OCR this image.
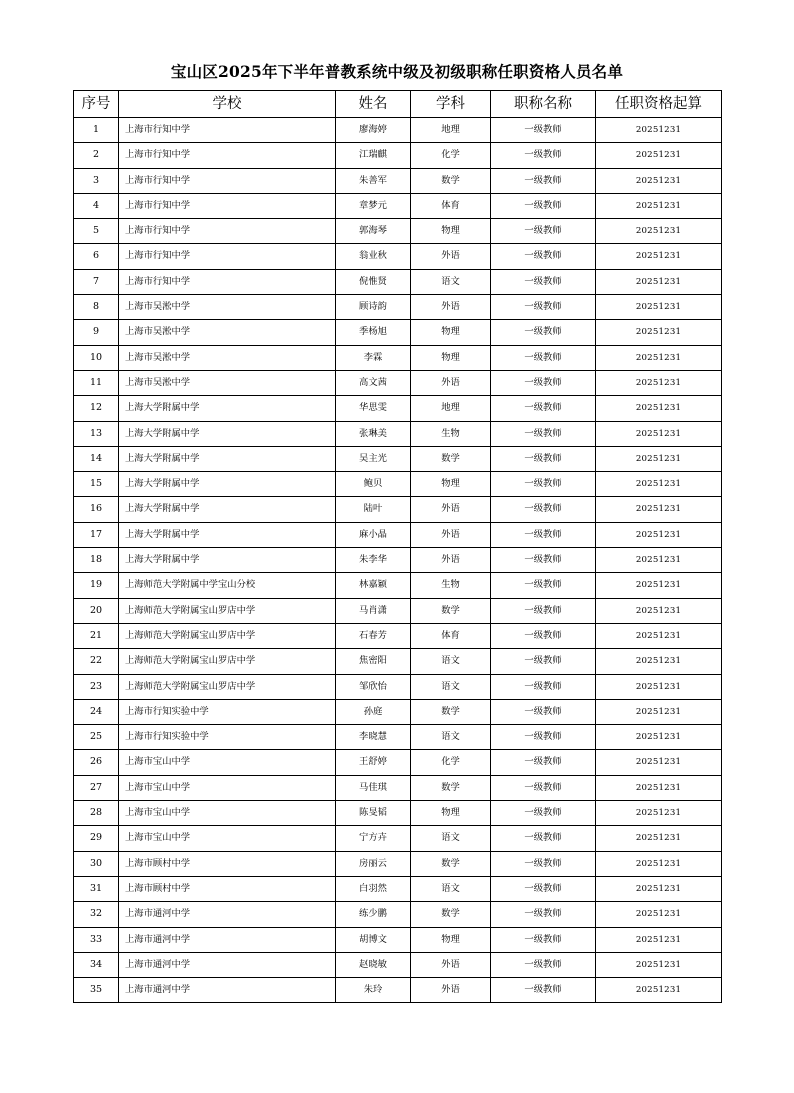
宝山区2025年下半年普教系统中级及初级职称任职资格人员名单
序号	学校	姓名	学科	职称名称	任职资格起算
1	上海市行知中学	廖海婷	地理	一级教师	20251231
2	上海市行知中学	江瑞麒	化学	一级教师	20251231
3	上海市行知中学	朱善军	数学	一级教师	20251231
4	上海市行知中学	章梦元	体育	一级教师	20251231
5	上海市行知中学	郭海琴	物理	一级教师	20251231
6	上海市行知中学	翁业秋	外语	一级教师	20251231
7	上海市行知中学	倪惟贤	语文	一级教师	20251231
8	上海市吴淞中学	顾诗韵	外语	一级教师	20251231
9	上海市吴淞中学	季杨旭	物理	一级教师	20251231
10	上海市吴淞中学	李霖	物理	一级教师	20251231
11	上海市吴淞中学	高文茜	外语	一级教师	20251231
12	上海大学附属中学	华思雯	地理	一级教师	20251231
13	上海大学附属中学	张琳美	生物	一级教师	20251231
14	上海大学附属中学	吴主光	数学	一级教师	20251231
15	上海大学附属中学	鲍贝	物理	一级教师	20251231
16	上海大学附属中学	陆叶	外语	一级教师	20251231
17	上海大学附属中学	麻小晶	外语	一级教师	20251231
18	上海大学附属中学	朱李华	外语	一级教师	20251231
19	上海师范大学附属中学宝山分校	林嘉颖	生物	一级教师	20251231
20	上海师范大学附属宝山罗店中学	马肖潇	数学	一级教师	20251231
21	上海师范大学附属宝山罗店中学	石春芳	体育	一级教师	20251231
22	上海师范大学附属宝山罗店中学	焦密阳	语文	一级教师	20251231
23	上海师范大学附属宝山罗店中学	邹欣怡	语文	一级教师	20251231
24	上海市行知实验中学	孙庭	数学	一级教师	20251231
25	上海市行知实验中学	李晓慧	语文	一级教师	20251231
26	上海市宝山中学	王舒婷	化学	一级教师	20251231
27	上海市宝山中学	马佳琪	数学	一级教师	20251231
28	上海市宝山中学	陈旻韬	物理	一级教师	20251231
29	上海市宝山中学	宁方卉	语文	一级教师	20251231
30	上海市顾村中学	房丽云	数学	一级教师	20251231
31	上海市顾村中学	白羽然	语文	一级教师	20251231
32	上海市通河中学	练少鹏	数学	一级教师	20251231
33	上海市通河中学	胡博文	物理	一级教师	20251231
34	上海市通河中学	赵晓敏	外语	一级教师	20251231
35	上海市通河中学	朱玲	外语	一级教师	20251231
